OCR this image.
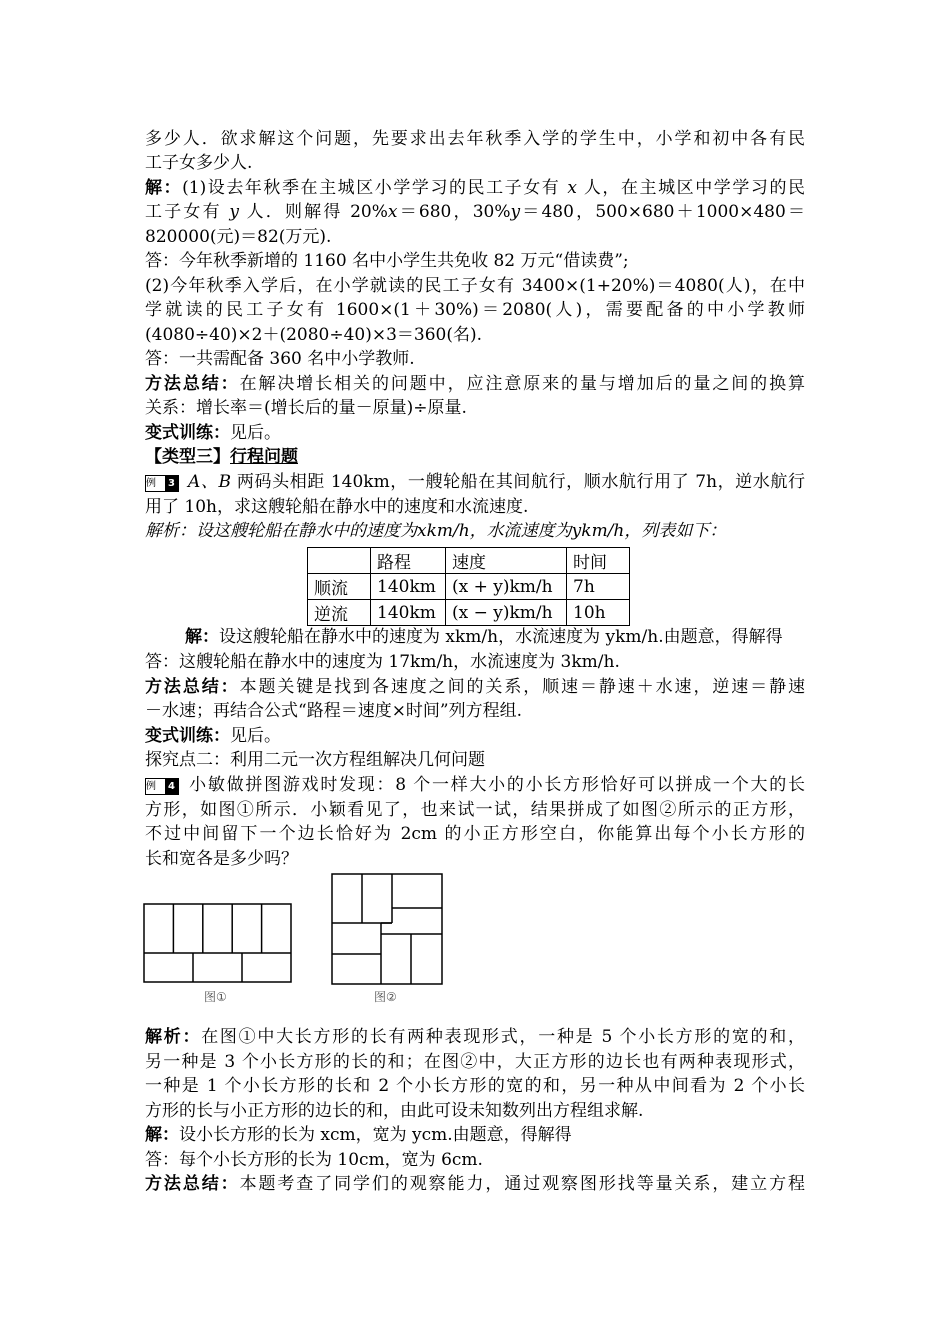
多少人．欲求解这个问题，先要求出去年秋季入学的学生中，小学和初中各有民
工子女多少人.
解：(1)设去年秋季在主城区小学学习的民工子女有 x 人，在主城区中学学习的民
工子女有 y 人．则解得 20%x＝680，30%y＝480，500×680＋1000×480＝
820000(元)＝82(万元).
答：今年秋季新增的 1160 名中小学生共免收 82 万元“借读费”;
(2)今年秋季入学后，在小学就读的民工子女有 3400×(1+20%)＝4080(人)，在中
学就读的民工子女有 1600×(1＋30%)＝2080(人)，需要配备的中小学教师
(4080÷40)×2＋(2080÷40)×3＝360(名).
答：一共需配备 360 名中小学教师.
方法总结：在解决增长相关的问题中，应注意原来的量与增加后的量之间的换算
关系：增长率＝(增长后的量－原量)÷原量.
变式训练：见后。
【类型三】行程问题
例 3 A、B 两码头相距 140km，一艘轮船在其间航行，顺水航行用了 7h，逆水航行
用了 10h，求这艘轮船在静水中的速度和水流速度.
解析：设这艘轮船在静水中的速度为xkm/h，水流速度为ykm/h，列表如下：
	路程	速度	时间
顺流	140km	(x + y)km/h	7h
逆流	140km	(x − y)km/h	10h
解：设这艘轮船在静水中的速度为 xkm/h，水流速度为 ykm/h.由题意，得解得
答：这艘轮船在静水中的速度为 17km/h，水流速度为 3km/h.
方法总结：本题关键是找到各速度之间的关系，顺速＝静速＋水速，逆速＝静速
－水速；再结合公式“路程＝速度×时间”列方程组.
变式训练：见后。
探究点二：利用二元一次方程组解决几何问题
例 4 小敏做拼图游戏时发现：8 个一样大小的小长方形恰好可以拼成一个大的长
方形，如图①所示．小颖看见了，也来试一试，结果拼成了如图②所示的正方形，
不过中间留下一个边长恰好为 2cm 的小正方形空白，你能算出每个小长方形的
长和宽各是多少吗？
图①	图②
解析：在图①中大长方形的长有两种表现形式，一种是 5 个小长方形的宽的和，
另一种是 3 个小长方形的长的和；在图②中，大正方形的边长也有两种表现形式，
一种是 1 个小长方形的长和 2 个小长方形的宽的和，另一种从中间看为 2 个小长
方形的长与小正方形的边长的和，由此可设未知数列出方程组求解.
解：设小长方形的长为 xcm，宽为 ycm.由题意，得解得
答：每个小长方形的长为 10cm，宽为 6cm.
方法总结：本题考查了同学们的观察能力，通过观察图形找等量关系，建立方程
